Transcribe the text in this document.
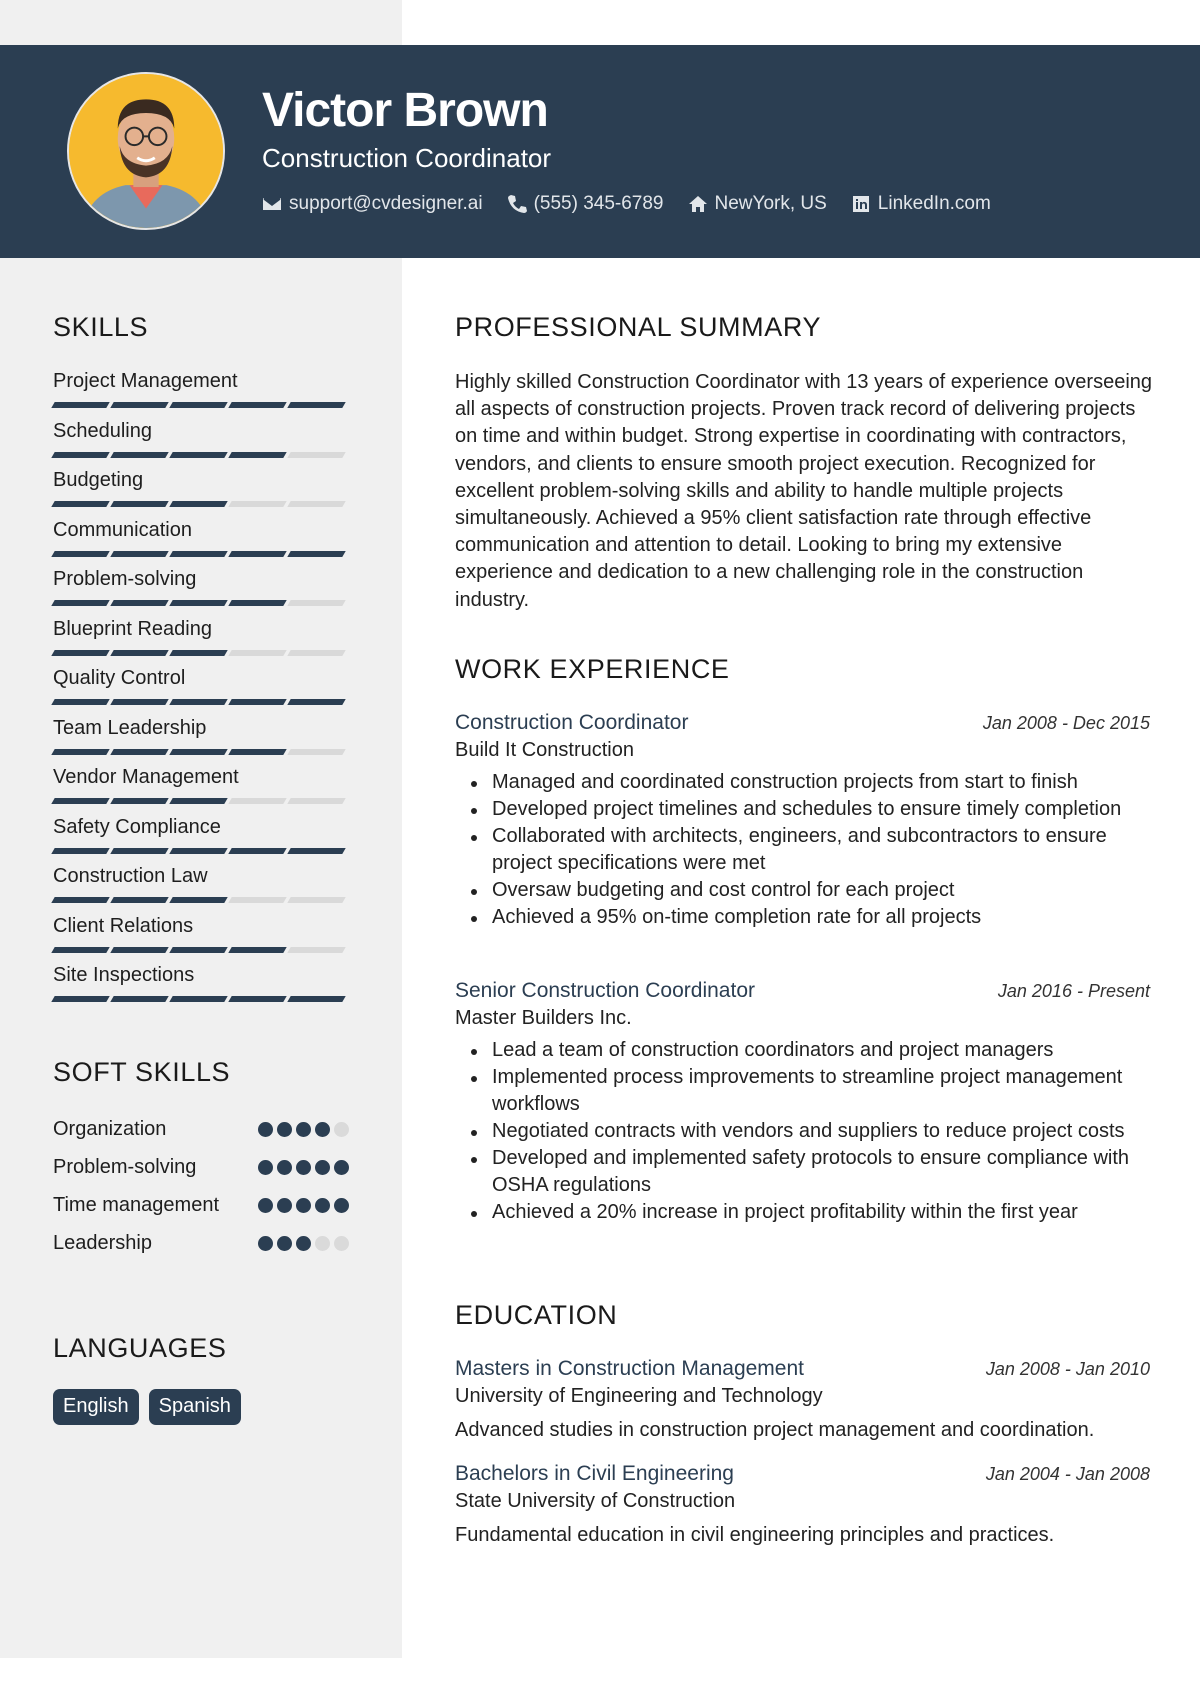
Victor Brown
Construction Coordinator
support@cvdesigner.ai	(555) 345-6789	NewYork, US	LinkedIn.com
SKILLS
Project Management
Scheduling
Budgeting
Communication
Problem-solving
Blueprint Reading
Quality Control
Team Leadership
Vendor Management
Safety Compliance
Construction Law
Client Relations
Site Inspections
SOFT SKILLS
Organization
Problem-solving
Time management
Leadership
LANGUAGES
English	Spanish
PROFESSIONAL SUMMARY
Highly skilled Construction Coordinator with 13 years of experience overseeing all aspects of construction projects. Proven track record of delivering projects on time and within budget. Strong expertise in coordinating with contractors, vendors, and clients to ensure smooth project execution. Recognized for excellent problem-solving skills and ability to handle multiple projects simultaneously. Achieved a 95% client satisfaction rate through effective communication and attention to detail. Looking to bring my extensive experience and dedication to a new challenging role in the construction industry.
WORK EXPERIENCE
Construction Coordinator	Jan 2008 - Dec 2015
Build It Construction
Managed and coordinated construction projects from start to finish
Developed project timelines and schedules to ensure timely completion
Collaborated with architects, engineers, and subcontractors to ensure project specifications were met
Oversaw budgeting and cost control for each project
Achieved a 95% on-time completion rate for all projects
Senior Construction Coordinator	Jan 2016 - Present
Master Builders Inc.
Lead a team of construction coordinators and project managers
Implemented process improvements to streamline project management workflows
Negotiated contracts with vendors and suppliers to reduce project costs
Developed and implemented safety protocols to ensure compliance with OSHA regulations
Achieved a 20% increase in project profitability within the first year
EDUCATION
Masters in Construction Management	Jan 2008 - Jan 2010
University of Engineering and Technology
Advanced studies in construction project management and coordination.
Bachelors in Civil Engineering	Jan 2004 - Jan 2008
State University of Construction
Fundamental education in civil engineering principles and practices.
